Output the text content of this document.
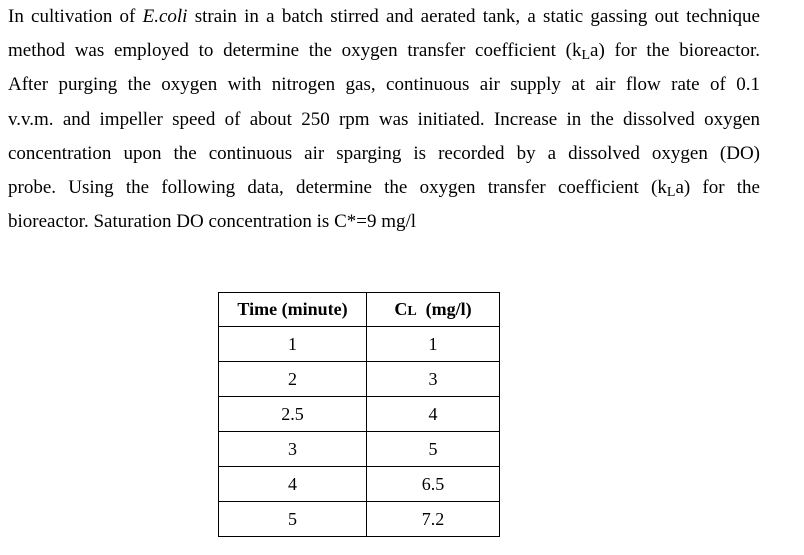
In cultivation of E.coli strain in a batch stirred and aerated tank, a static gassing out technique
method was employed to determine the oxygen transfer coefficient (kLa) for the bioreactor.
After purging the oxygen with nitrogen gas, continuous air supply at air flow rate of 0.1
v.v.m. and impeller speed of about 250 rpm was initiated. Increase in the dissolved oxygen
concentration upon the continuous air sparging is recorded by a dissolved oxygen (DO)
probe. Using the following data, determine the oxygen transfer coefficient (kLa) for the
bioreactor. Saturation DO concentration is C*=9 mg/l
Time (minute)	CL  (mg/l)
1	1
2	3
2.5	4
3	5
4	6.5
5	7.2
